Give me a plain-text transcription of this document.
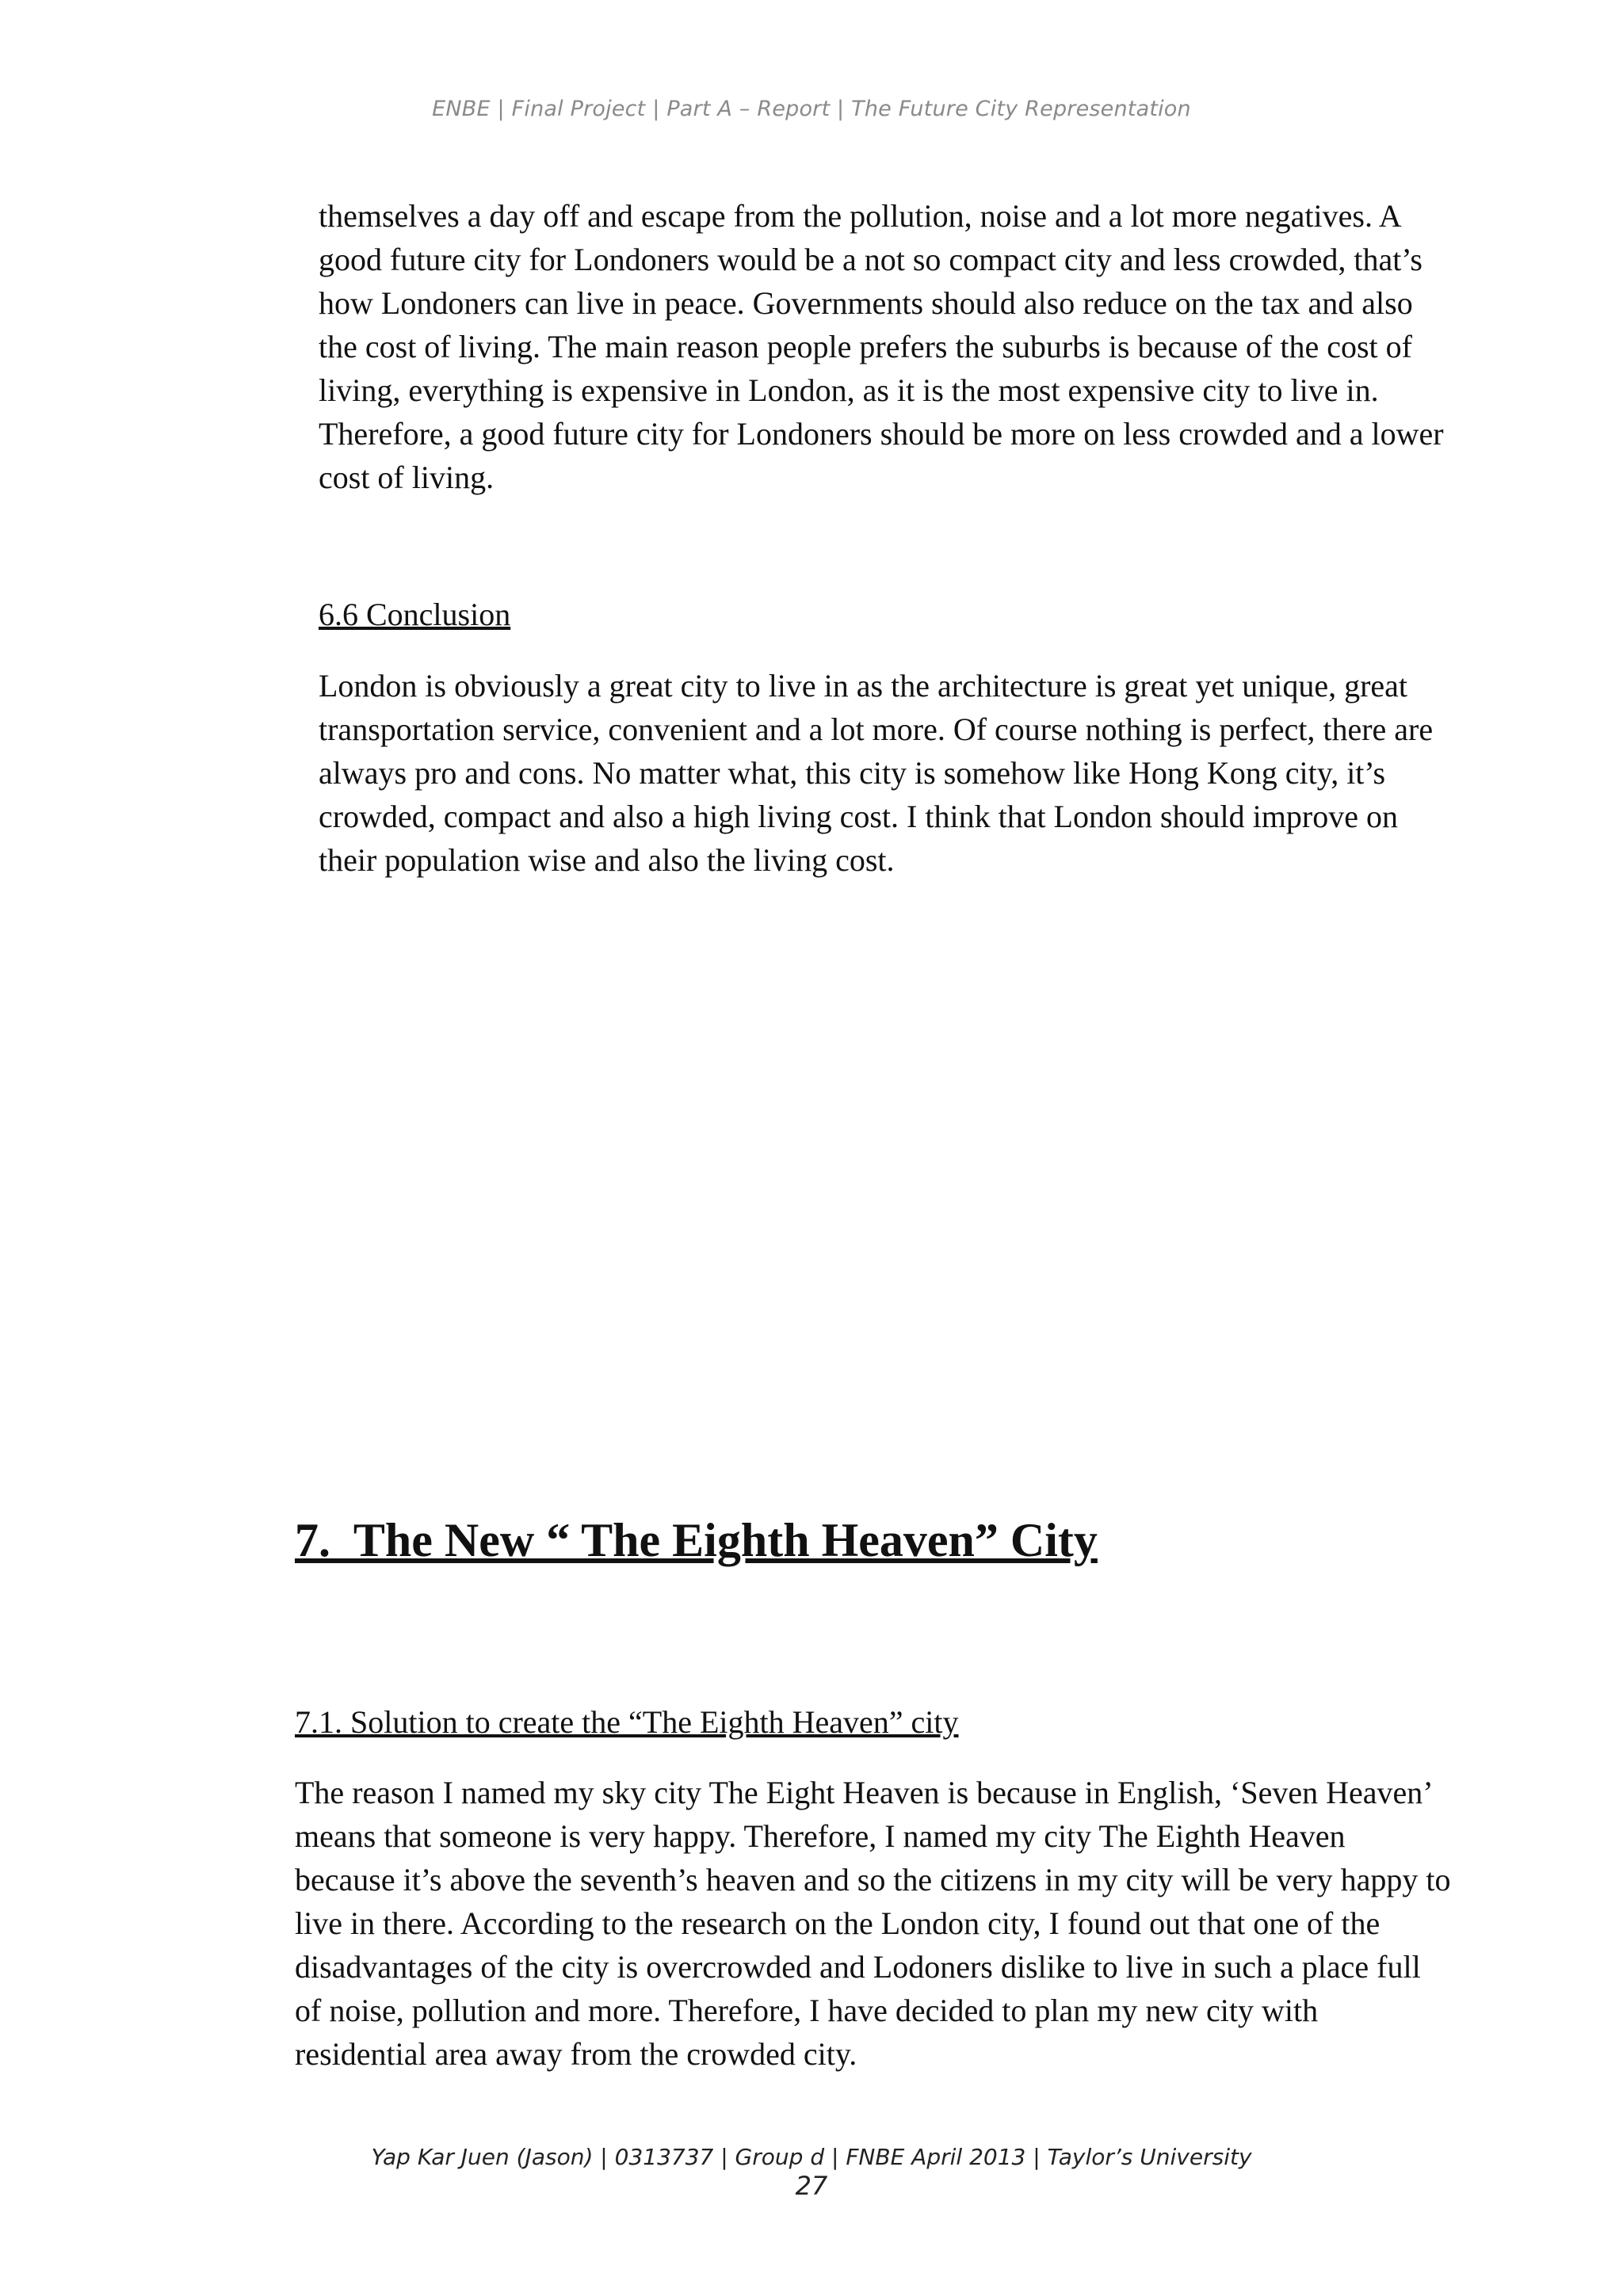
ENBE | Final Project | Part A – Report | The Future City Representation

themselves a day off and escape from the pollution, noise and a lot more negatives. A good future city for Londoners would be a not so compact city and less crowded, that’s how Londoners can live in peace. Governments should also reduce on the tax and also the cost of living. The main reason people prefers the suburbs is because of the cost of living, everything is expensive in London, as it is the most expensive city to live in. Therefore, a good future city for Londoners should be more on less crowded and a lower cost of living.

6.6 Conclusion

London is obviously a great city to live in as the architecture is great yet unique, great transportation service, convenient and a lot more. Of course nothing is perfect, there are always pro and cons. No matter what, this city is somehow like Hong Kong city, it’s crowded, compact and also a high living cost. I think that London should improve on their population wise and also the living cost.

7.  The New “ The Eighth Heaven” City
7.1. Solution to create the “The Eighth Heaven” city

The reason I named my sky city The Eight Heaven is because in English, ‘Seven Heaven’ means that someone is very happy. Therefore, I named my city The Eighth Heaven because it’s above the seventh’s heaven and so the citizens in my city will be very happy to live in there. According to the research on the London city, I found out that one of the disadvantages of the city is overcrowded and Lodoners dislike to live in such a place full of noise, pollution and more. Therefore, I have decided to plan my new city with residential area away from the crowded city.

Yap Kar Juen (Jason) | 0313737 | Group d | FNBE April 2013 | Taylor’s University
27
